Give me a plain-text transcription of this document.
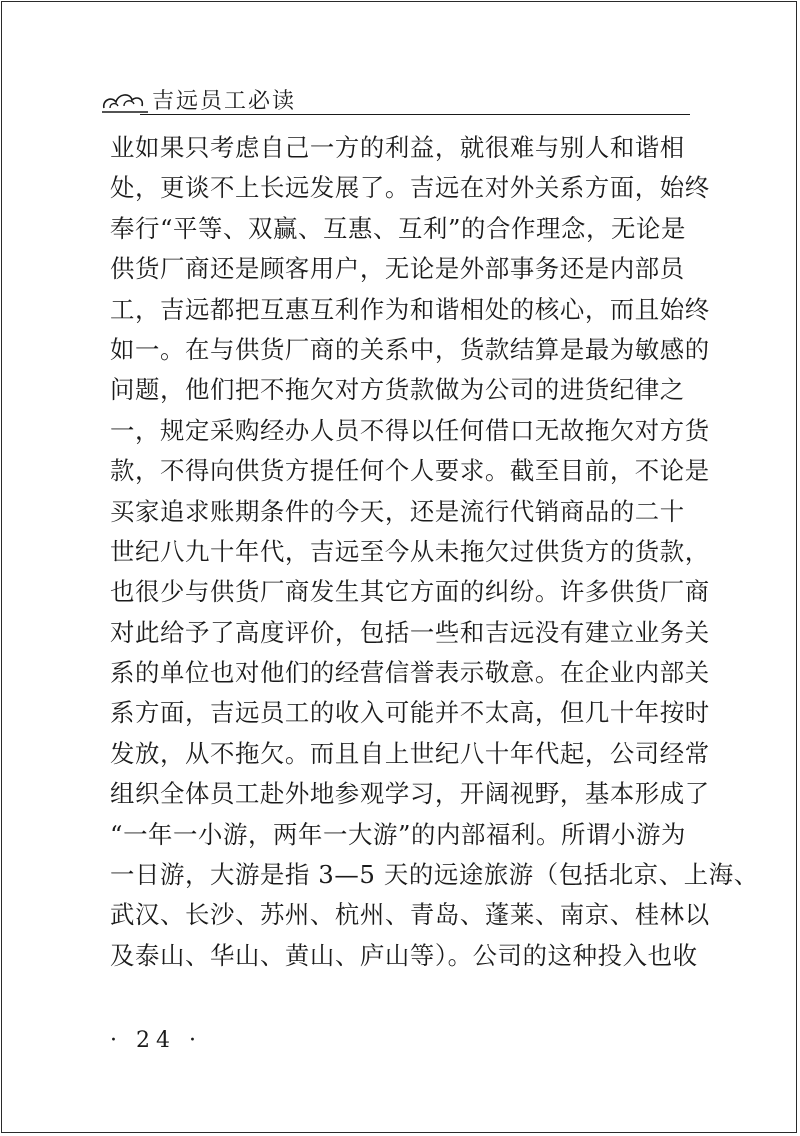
吉远员工必读
业如果只考虑自己一方的利益，就很难与别人和谐相
处，更谈不上长远发展了。吉远在对外关系方面，始终
奉行“平等、双赢、互惠、互利”的合作理念，无论是
供货厂商还是顾客用户，无论是外部事务还是内部员
工，吉远都把互惠互利作为和谐相处的核心，而且始终
如一。在与供货厂商的关系中，货款结算是最为敏感的
问题，他们把不拖欠对方货款做为公司的进货纪律之
一，规定采购经办人员不得以任何借口无故拖欠对方货
款，不得向供货方提任何个人要求。截至目前，不论是
买家追求账期条件的今天，还是流行代销商品的二十
世纪八九十年代，吉远至今从未拖欠过供货方的货款，
也很少与供货厂商发生其它方面的纠纷。许多供货厂商
对此给予了高度评价，包括一些和吉远没有建立业务关
系的单位也对他们的经营信誉表示敬意。在企业内部关
系方面，吉远员工的收入可能并不太高，但几十年按时
发放，从不拖欠。而且自上世纪八十年代起，公司经常
组织全体员工赴外地参观学习，开阔视野，基本形成了
“一年一小游，两年一大游”的内部福利。所谓小游为
一日游，大游是指 3—5 天的远途旅游（包括北京、上海、
武汉、长沙、苏州、杭州、青岛、蓬莱、南京、桂林以
及泰山、华山、黄山、庐山等）。公司的这种投入也收
· 24 ·
